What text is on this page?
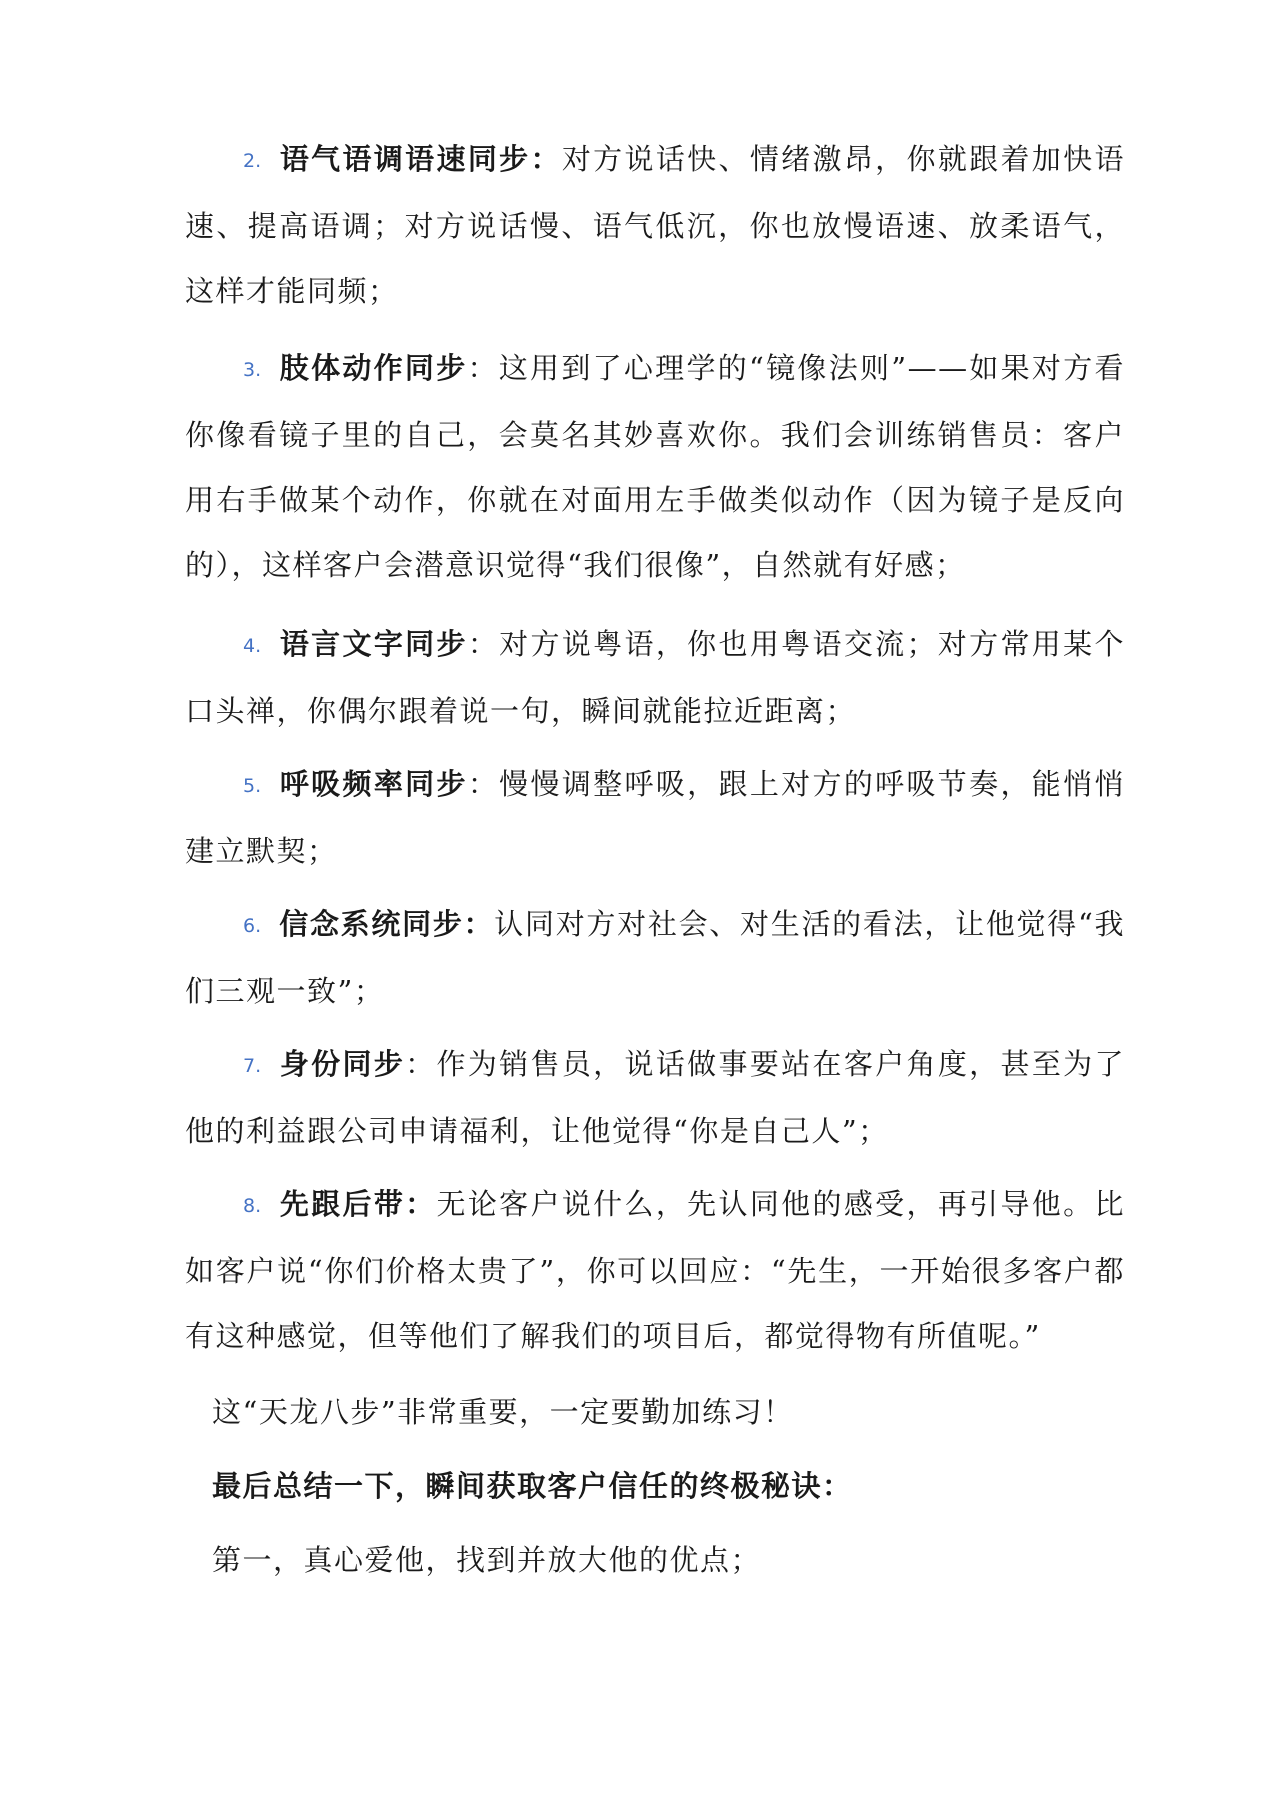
2. 语气语调语速同步：对方说话快、情绪激昂，你就跟着加快语速、提高语调；对方说话慢、语气低沉，你也放慢语速、放柔语气，这样才能同频；

3. 肢体动作同步：这用到了心理学的“镜像法则”——如果对方看你像看镜子里的自己，会莫名其妙喜欢你。我们会训练销售员：客户用右手做某个动作，你就在对面用左手做类似动作（因为镜子是反向的），这样客户会潜意识觉得“我们很像”，自然就有好感；

4. 语言文字同步：对方说粤语，你也用粤语交流；对方常用某个口头禅，你偶尔跟着说一句，瞬间就能拉近距离；

5. 呼吸频率同步：慢慢调整呼吸，跟上对方的呼吸节奏，能悄悄建立默契；

6. 信念系统同步：认同对方对社会、对生活的看法，让他觉得“我们三观一致”；

7. 身份同步：作为销售员，说话做事要站在客户角度，甚至为了他的利益跟公司申请福利，让他觉得“你是自己人”；

8. 先跟后带：无论客户说什么，先认同他的感受，再引导他。比如客户说“你们价格太贵了”，你可以回应：“先生，一开始很多客户都有这种感觉，但等他们了解我们的项目后，都觉得物有所值呢。”

这“天龙八步”非常重要，一定要勤加练习！

最后总结一下，瞬间获取客户信任的终极秘诀：

第一，真心爱他，找到并放大他的优点；
